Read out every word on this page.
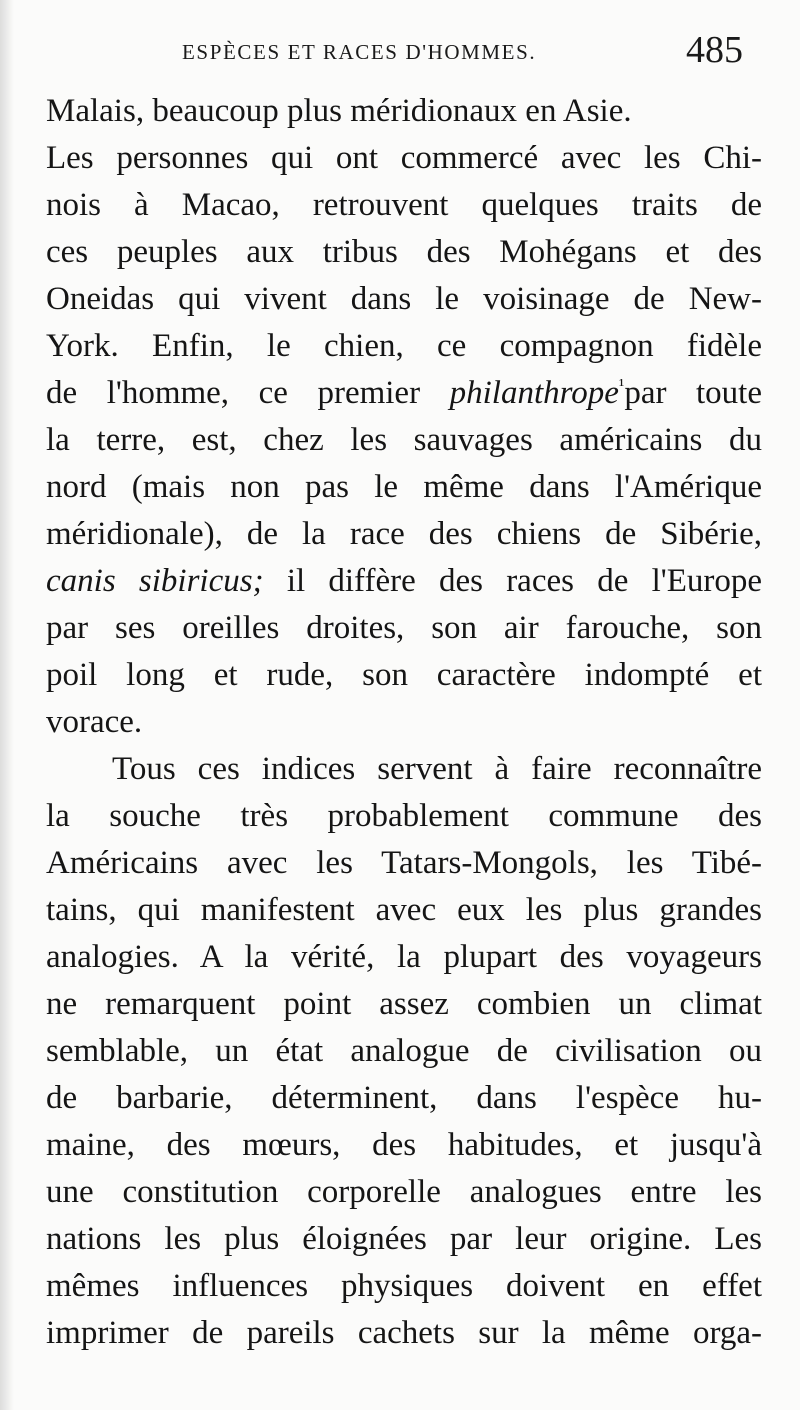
ESPÈCES ET RACES D'HOMMES.	485
Malais, beaucoup plus méridionaux en Asie.
Les personnes qui ont commercé avec les Chi-
nois à Macao, retrouvent quelques traits de
ces peuples aux tribus des Mohégans et des
Oneidas qui vivent dans le voisinage de New-
York. Enfin, le chien, ce compagnon fidèle
de l'homme, ce premier philanthrope$^{^1}$par toute
la terre, est, chez les sauvages américains du
nord (mais non pas le même dans l'Amérique
méridionale), de la race des chiens de Sibérie,
canis sibiricus; il diffère des races de l'Europe
par ses oreilles droites, son air farouche, son
poil long et rude, son caractère indompté et
vorace.
Tous ces indices servent à faire reconnaître
la souche très probablement commune des
Américains avec les Tatars-Mongols, les Tibé-
tains, qui manifestent avec eux les plus grandes
analogies. A la vérité, la plupart des voyageurs
ne remarquent point assez combien un climat
semblable, un état analogue de civilisation ou
de barbarie, déterminent, dans l'espèce hu-
maine, des mœurs, des habitudes, et jusqu'à
une constitution corporelle analogues entre les
nations les plus éloignées par leur origine. Les
mêmes influences physiques doivent en effet
imprimer de pareils cachets sur la même orga-
